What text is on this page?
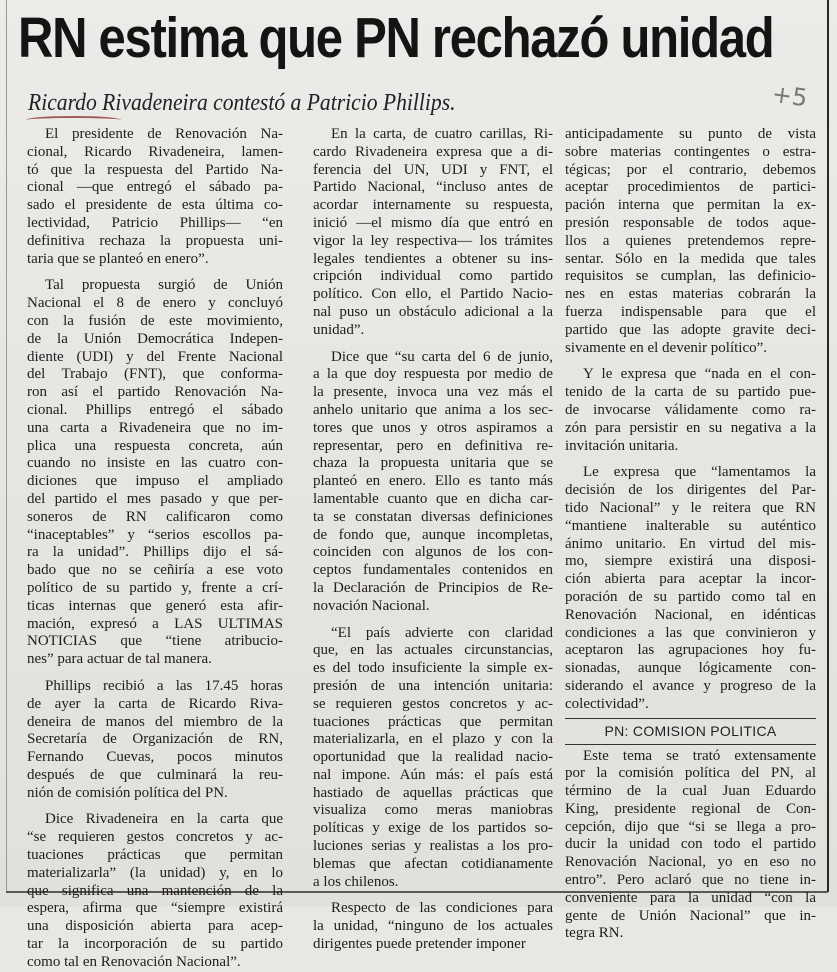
RN estima que PN rechazó unidad
Ricardo Rivadeneira contestó a Patricio Phillips.	+5
El presidente de Renovación Na-
cional, Ricardo Rivadeneira, lamen-
tó que la respuesta del Partido Na-
cional —que entregó el sábado pa-
sado el presidente de esta última co-
lectividad, Patricio Phillips— “en
definitiva rechaza la propuesta uni-
taria que se planteó en enero”.
Tal propuesta surgió de Unión
Nacional el 8 de enero y concluyó
con la fusión de este movimiento,
de la Unión Democrática Indepen-
diente (UDI) y del Frente Nacional
del Trabajo (FNT), que conforma-
ron así el partido Renovación Na-
cional. Phillips entregó el sábado
una carta a Rivadeneira que no im-
plica una respuesta concreta, aún
cuando no insiste en las cuatro con-
diciones que impuso el ampliado
del partido el mes pasado y que per-
soneros de RN calificaron como
“inaceptables” y “serios escollos pa-
ra la unidad”. Phillips dijo el sá-
bado que no se ceñiría a ese voto
político de su partido y, frente a crí-
ticas internas que generó esta afir-
mación, expresó a LAS ULTIMAS
NOTICIAS que “tiene atribucio-
nes” para actuar de tal manera.
Phillips recibió a las 17.45 horas
de ayer la carta de Ricardo Riva-
deneira de manos del miembro de la
Secretaría de Organización de RN,
Fernando Cuevas, pocos minutos
después de que culminará la reu-
nión de comisión política del PN.
Dice Rivadeneira en la carta que
“se requieren gestos concretos y ac-
tuaciones prácticas que permitan
materializarla” (la unidad) y, en lo
que significa una mantención de la
espera, afirma que “siempre existirá
una disposición abierta para acep-
tar la incorporación de su partido
como tal en Renovación Nacional”.
En la carta, de cuatro carillas, Ri-
cardo Rivadeneira expresa que a di-
ferencia del UN, UDI y FNT, el
Partido Nacional, “incluso antes de
acordar internamente su respuesta,
inició —el mismo día que entró en
vigor la ley respectiva— los trámites
legales tendientes a obtener su ins-
cripción individual como partido
político. Con ello, el Partido Nacio-
nal puso un obstáculo adicional a la
unidad”.
Dice que “su carta del 6 de junio,
a la que doy respuesta por medio de
la presente, invoca una vez más el
anhelo unitario que anima a los sec-
tores que unos y otros aspiramos a
representar, pero en definitiva re-
chaza la propuesta unitaria que se
planteó en enero. Ello es tanto más
lamentable cuanto que en dicha car-
ta se constatan diversas definiciones
de fondo que, aunque incompletas,
coinciden con algunos de los con-
ceptos fundamentales contenidos en
la Declaración de Principios de Re-
novación Nacional.
“El país advierte con claridad
que, en las actuales circunstancias,
es del todo insuficiente la simple ex-
presión de una intención unitaria:
se requieren gestos concretos y ac-
tuaciones prácticas que permitan
materializarla, en el plazo y con la
oportunidad que la realidad nacio-
nal impone. Aún más: el país está
hastiado de aquellas prácticas que
visualiza como meras maniobras
políticas y exige de los partidos so-
luciones serias y realistas a los pro-
blemas que afectan cotidianamente
a los chilenos.
Respecto de las condiciones para
la unidad, “ninguno de los actuales
dirigentes puede pretender imponer
anticipadamente su punto de vista
sobre materias contingentes o estra-
tégicas; por el contrario, debemos
aceptar procedimientos de partici-
pación interna que permitan la ex-
presión responsable de todos aque-
llos a quienes pretendemos repre-
sentar. Sólo en la medida que tales
requisitos se cumplan, las definicio-
nes en estas materias cobrarán la
fuerza indispensable para que el
partido que las adopte gravite deci-
sivamente en el devenir político”.
Y le expresa que “nada en el con-
tenido de la carta de su partido pue-
de invocarse válidamente como ra-
zón para persistir en su negativa a la
invitación unitaria.
Le expresa que “lamentamos la
decisión de los dirigentes del Par-
tido Nacional” y le reitera que RN
“mantiene inalterable su auténtico
ánimo unitario. En virtud del mis-
mo, siempre existirá una disposi-
ción abierta para aceptar la incor-
poración de su partido como tal en
Renovación Nacional, en idénticas
condiciones a las que convinieron y
aceptaron las agrupaciones hoy fu-
sionadas, aunque lógicamente con-
siderando el avance y progreso de la
colectividad”.
PN: COMISION POLITICA
Este tema se trató extensamente
por la comisión política del PN, al
término de la cual Juan Eduardo
King, presidente regional de Con-
cepción, dijo que “si se llega a pro-
ducir la unidad con todo el partido
Renovación Nacional, yo en eso no
entro”. Pero aclaró que no tiene in-
conveniente para la unidad “con la
gente de Unión Nacional” que in-
tegra RN.
